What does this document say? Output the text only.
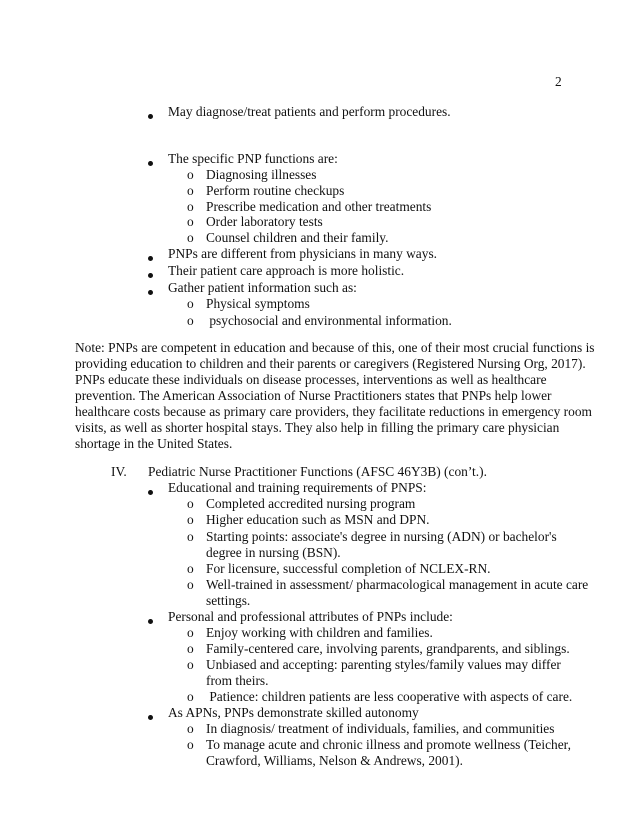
2
May diagnose/treat patients and perform procedures.
The specific PNP functions are:
o Diagnosing illnesses
o Perform routine checkups
o Prescribe medication and other treatments
o Order laboratory tests
o Counsel children and their family.
PNPs are different from physicians in many ways.
Their patient care approach is more holistic.
Gather patient information such as:
o Physical symptoms
o psychosocial and environmental information.
Note: PNPs are competent in education and because of this, one of their most crucial functions is
providing education to children and their parents or caregivers (Registered Nursing Org, 2017).
PNPs educate these individuals on disease processes, interventions as well as healthcare
prevention. The American Association of Nurse Practitioners states that PNPs help lower
healthcare costs because as primary care providers, they facilitate reductions in emergency room
visits, as well as shorter hospital stays. They also help in filling the primary care physician
shortage in the United States.
IV. Pediatric Nurse Practitioner Functions (AFSC 46Y3B) (con’t.).
Educational and training requirements of PNPS:
o Completed accredited nursing program
o Higher education such as MSN and DPN.
o Starting points: associate's degree in nursing (ADN) or bachelor's
degree in nursing (BSN).
o For licensure, successful completion of NCLEX-RN.
o Well-trained in assessment/ pharmacological management in acute care
settings.
Personal and professional attributes of PNPs include:
o Enjoy working with children and families.
o Family-centered care, involving parents, grandparents, and siblings.
o Unbiased and accepting: parenting styles/family values may differ
from theirs.
o Patience: children patients are less cooperative with aspects of care.
As APNs, PNPs demonstrate skilled autonomy
o In diagnosis/ treatment of individuals, families, and communities
o To manage acute and chronic illness and promote wellness (Teicher,
Crawford, Williams, Nelson & Andrews, 2001).
